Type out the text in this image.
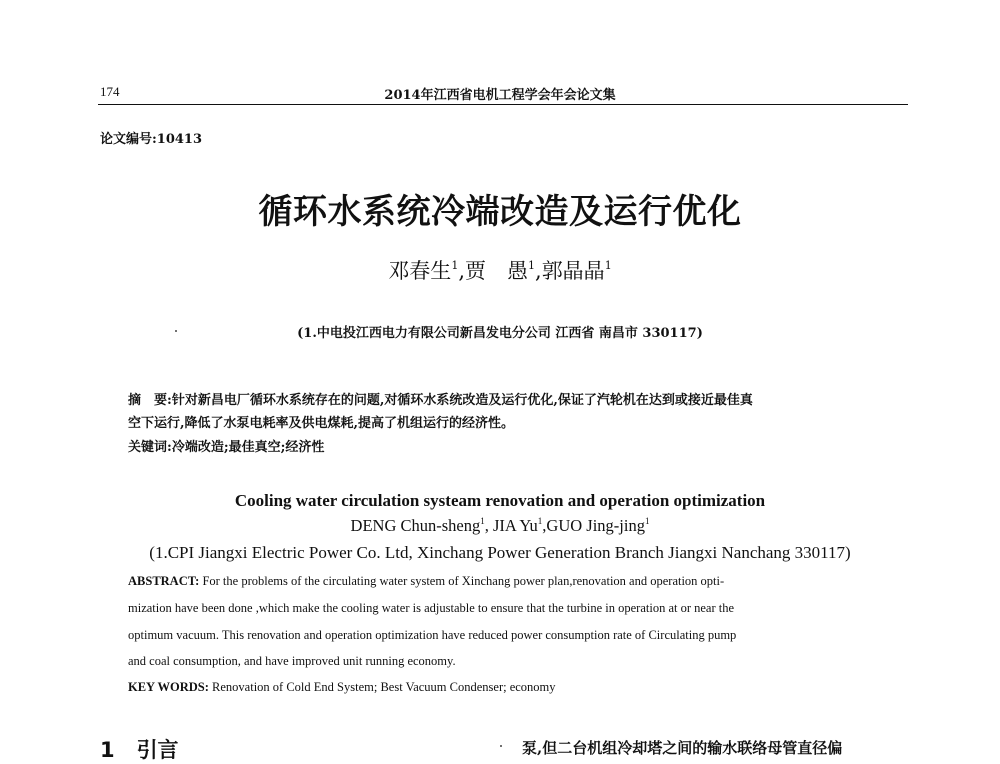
174	2014年江西省电机工程学会年会论文集
论文编号:10413
循环水系统冷端改造及运行优化
邓春生$^1$,贾　愚$^1$,郭晶晶$^1$
(1.中电投江西电力有限公司新昌发电分公司 江西省 南昌市 330117)
摘　要:针对新昌电厂循环水系统存在的问题,对循环水系统改造及运行优化,保证了汽轮机在达到或接近最佳真
空下运行,降低了水泵电耗率及供电煤耗,提高了机组运行的经济性。
关键词:冷端改造;最佳真空;经济性
Cooling water circulation systeam renovation and operation optimization
DENG Chun-sheng$^1$, JIA Yu$^1$,GUO Jing-jing$^1$
(1.CPI Jiangxi Electric Power Co. Ltd, Xinchang Power Generation Branch Jiangxi Nanchang 330117)
ABSTRACT: For the problems of the circulating water system of Xinchang power plan,renovation and operation opti-
mization have been done ,which make the cooling water is adjustable to ensure that the turbine in operation at or near the
optimum vacuum. This renovation and operation optimization have reduced power consumption rate of Circulating pump
and coal consumption, and have improved unit running economy.
KEY WORDS: Renovation of Cold End System; Best Vacuum Condenser; economy
1 引言	泵,但二台机组冷却塔之间的输水联络母管直径偏
